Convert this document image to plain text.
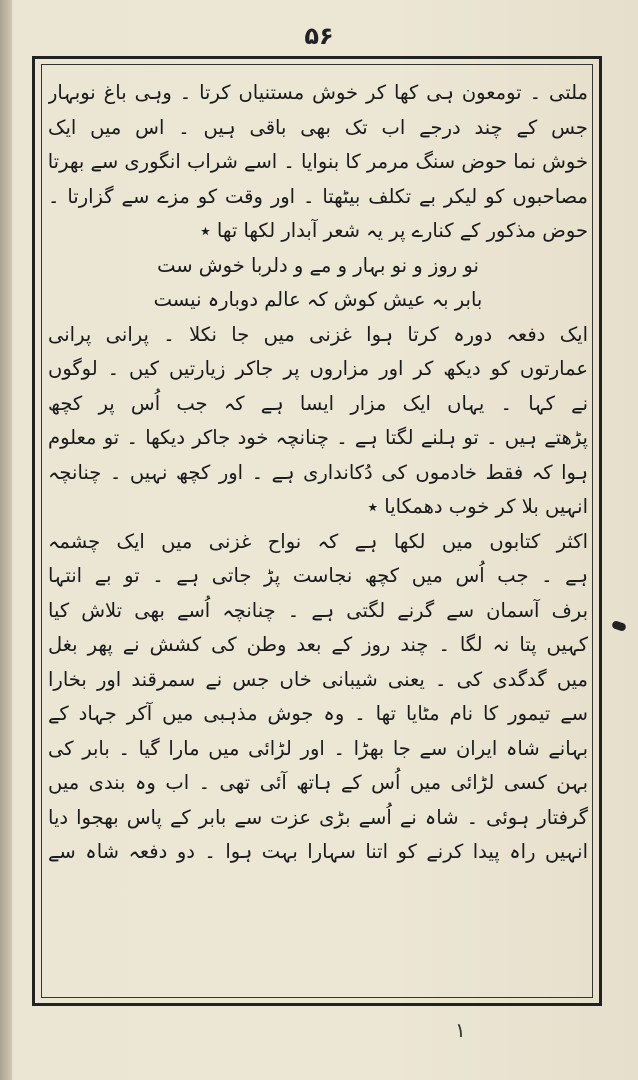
۵۶
ملتی ۔ تومعون ہی کھا کر خوش مستنیاں کرتا ۔ وہی باغ نوبہار
جس کے چند درجے اب تک بھی باقی ہیں ۔ اس میں ایک
خوش نما حوض سنگ مرمر کا بنوایا ۔ اسے شراب انگوری سے بھرتا
مصاحبوں کو لیکر بے تکلف بیٹھتا ۔ اور وقت کو مزے سے گزارتا ۔
حوض مذکور کے کنارے پر یہ شعر آبدار لکھا تھا ٭
نو روز و نو بہار و مے و دلربا خوش ست
بابر بہ عیش کوش کہ عالم دوبارہ نیست
ایک دفعہ دورہ کرتا ہوا غزنی میں جا نکلا ۔ پرانی پرانی
عمارتوں کو دیکھ کر اور مزاروں پر جاکر زیارتیں کیں ۔ لوگوں
نے کہا ۔ یہاں ایک مزار ایسا ہے کہ جب اُس پر کچھ
پڑھتے ہیں ۔ تو ہلنے لگتا ہے ۔ چنانچہ خود جاکر دیکھا ۔ تو معلوم
ہوا کہ فقط خادموں کی دُکانداری ہے ۔ اور کچھ نہیں ۔ چنانچہ
انہیں بلا کر خوب دھمکایا ٭
اکثر کتابوں میں لکھا ہے کہ نواح غزنی میں ایک چشمہ
ہے ۔ جب اُس میں کچھ نجاست پڑ جاتی ہے ۔ تو بے انتہا
برف آسمان سے گرنے لگتی ہے ۔ چنانچہ اُسے بھی تلاش کیا
کہیں پتا نہ لگا ۔ چند روز کے بعد وطن کی کشش نے پھر بغل
میں گدگدی کی ۔ یعنی شیبانی خاں جس نے سمرقند اور بخارا
سے تیمور کا نام مٹایا تھا ۔ وہ جوش مذہبی میں آکر جہاد کے
بہانے شاہ ایران سے جا بھڑا ۔ اور لڑائی میں مارا گیا ۔ بابر کی
بہن کسی لڑائی میں اُس کے ہاتھ آئی تھی ۔ اب وہ بندی میں
گرفتار ہوئی ۔ شاہ نے اُسے بڑی عزت سے بابر کے پاس بھجوا دیا
انہیں راہ پیدا کرنے کو اتنا سہارا بہت ہوا ۔ دو دفعہ شاہ سے
۱
